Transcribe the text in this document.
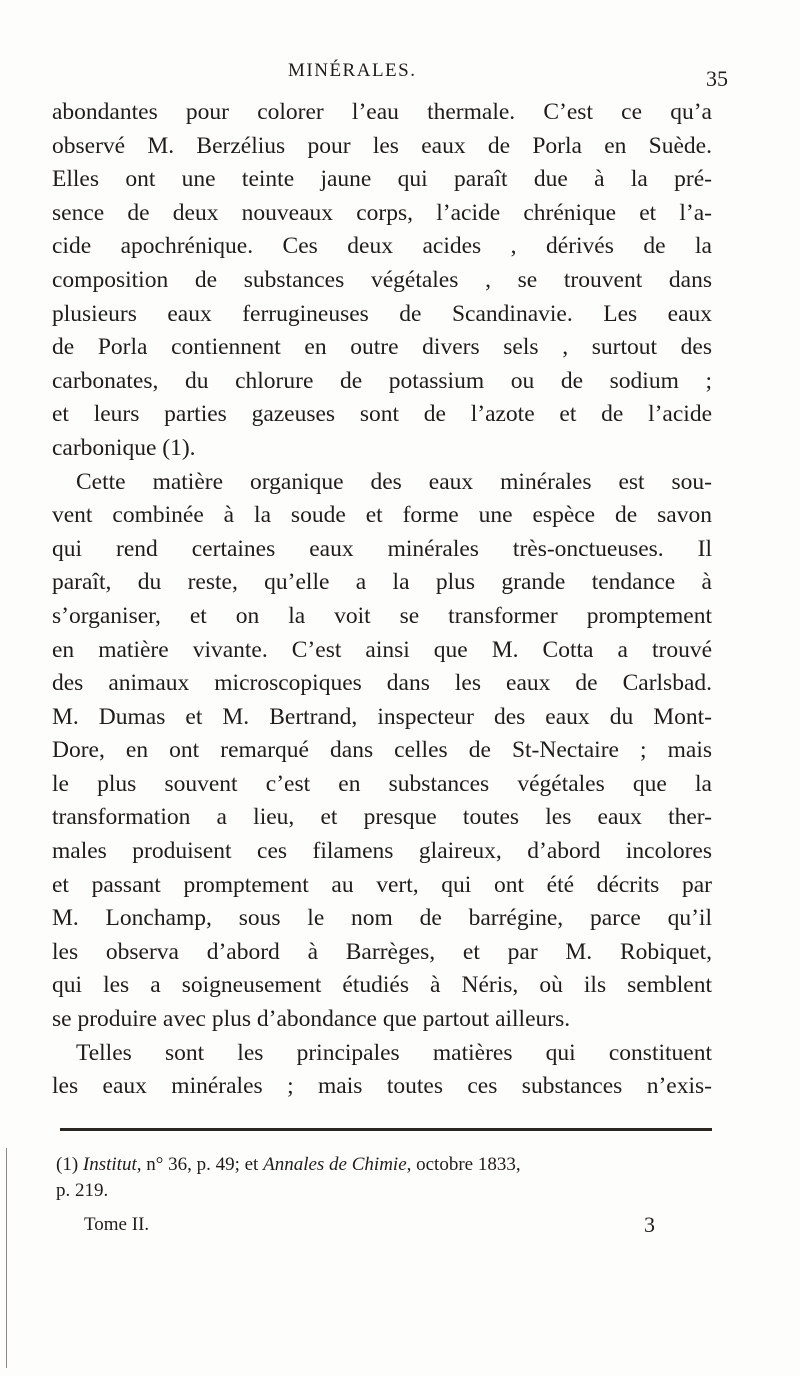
MINÉRALES.	35
abondantes pour colorer l’eau thermale. C’est ce qu’a
observé M. Berzélius pour les eaux de Porla en Suède.
Elles ont une teinte jaune qui paraît due à la pré-
sence de deux nouveaux corps, l’acide chrénique et l’a-
cide apochrénique. Ces deux acides , dérivés de la
composition de substances végétales , se trouvent dans
plusieurs eaux ferrugineuses de Scandinavie. Les eaux
de Porla contiennent en outre divers sels , surtout des
carbonates, du chlorure de potassium ou de sodium ;
et leurs parties gazeuses sont de l’azote et de l’acide
carbonique (1).
Cette matière organique des eaux minérales est sou-
vent combinée à la soude et forme une espèce de savon
qui rend certaines eaux minérales très-onctueuses. Il
paraît, du reste, qu’elle a la plus grande tendance à
s’organiser, et on la voit se transformer promptement
en matière vivante. C’est ainsi que M. Cotta a trouvé
des animaux microscopiques dans les eaux de Carlsbad.
M. Dumas et M. Bertrand, inspecteur des eaux du Mont-
Dore, en ont remarqué dans celles de St-Nectaire ; mais
le plus souvent c’est en substances végétales que la
transformation a lieu, et presque toutes les eaux ther-
males produisent ces filamens glaireux, d’abord incolores
et passant promptement au vert, qui ont été décrits par
M. Lonchamp, sous le nom de barrégine, parce qu’il
les observa d’abord à Barrèges, et par M. Robiquet,
qui les a soigneusement étudiés à Néris, où ils semblent
se produire avec plus d’abondance que partout ailleurs.
Telles sont les principales matières qui constituent
les eaux minérales ; mais toutes ces substances n’exis-
(1) Institut, n° 36, p. 49; et Annales de Chimie, octobre 1833,
p. 219.
Tome II.	3
